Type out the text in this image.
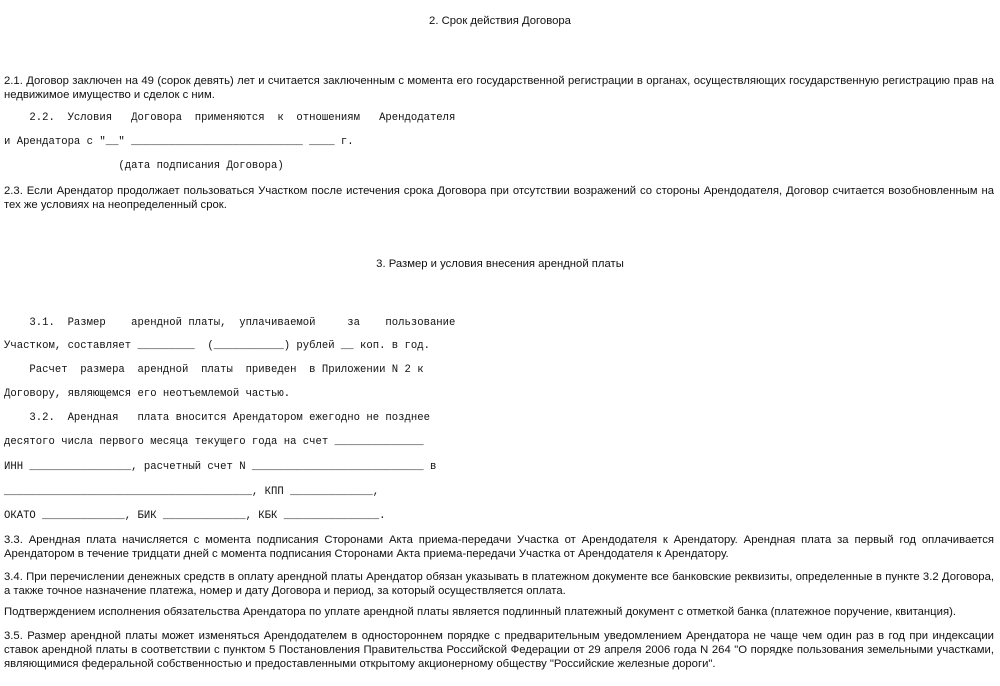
2. Срок действия Договора
2.1. Договор заключен на 49 (сорок девять) лет и считается заключенным с момента его государственной регистрации в органах, осуществляющих государственную регистрацию прав на недвижимое имущество и сделок с ним.
2.2.  Условия   Договора  применяются  к  отношениям   Арендодателя
и Арендатора с "__" ___________________________ ____ г.
(дата подписания Договора)
2.3. Если Арендатор продолжает пользоваться Участком после истечения срока Договора при отсутствии возражений со стороны Арендодателя, Договор считается возобновленным на тех же условиях на неопределенный срок.
3. Размер и условия внесения арендной платы
3.1.  Размер    арендной платы,  уплачиваемой     за    пользование
Участком, составляет _________  (___________) рублей __ коп. в год.
Расчет  размера  арендной  платы  приведен  в Приложении N 2 к
Договору, являющемся его неотъемлемой частью.
3.2.  Арендная   плата вносится Арендатором ежегодно не позднее
десятого числа первого месяца текущего года на счет ______________
ИНН ________________, расчетный счет N ___________________________ в
_______________________________________, КПП _____________,
ОКАТО _____________, БИК _____________, КБК _______________.
3.3. Арендная плата начисляется с момента подписания Сторонами Акта приема-передачи Участка от Арендодателя к Арендатору. Арендная плата за первый год оплачивается Арендатором в течение тридцати дней с момента подписания Сторонами Акта приема-передачи Участка от Арендодателя к Арендатору.
3.4. При перечислении денежных средств в оплату арендной платы Арендатор обязан указывать в платежном документе все банковские реквизиты, определенные в пункте 3.2 Договора, а также точное назначение платежа, номер и дату Договора и период, за который осуществляется оплата.
Подтверждением исполнения обязательства Арендатора по уплате арендной платы является подлинный платежный документ с отметкой банка (платежное поручение, квитанция).
3.5. Размер арендной платы может изменяться Арендодателем в одностороннем порядке с предварительным уведомлением Арендатора не чаще чем один раз в год при индексации ставок арендной платы в соответствии с пунктом 5 Постановления Правительства Российской Федерации от 29 апреля 2006 года N 264 "О порядке пользования земельными участками, являющимися федеральной собственностью и предоставленными открытому акционерному обществу "Российские железные дороги".
